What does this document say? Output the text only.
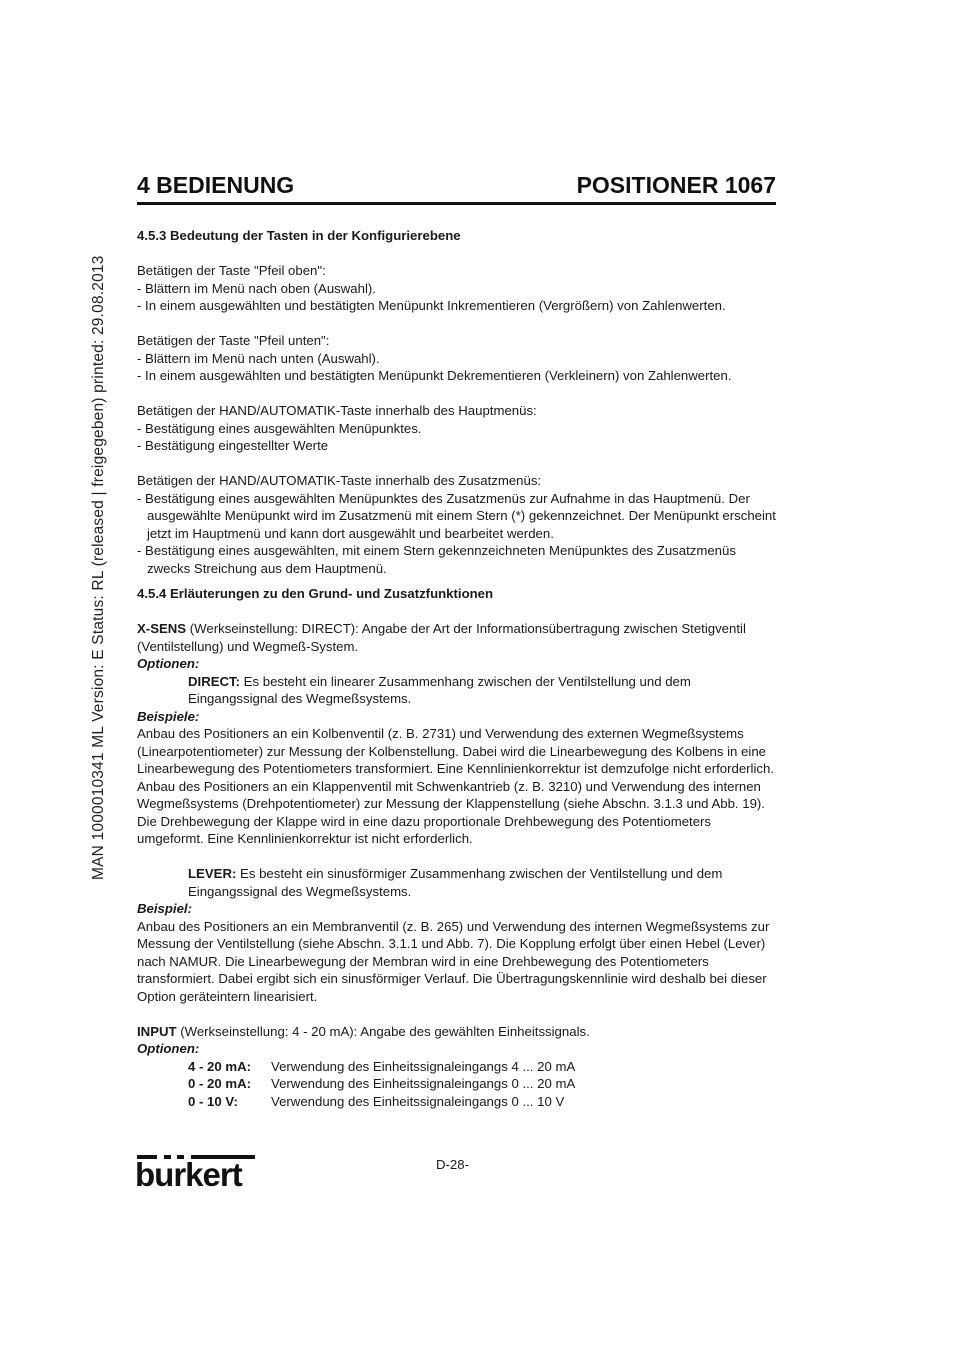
MAN 1000010341 ML Version: E Status: RL (released | freigegeben) printed: 29.08.2013
4 BEDIENUNG	POSITIONER 1067

4.5.3 Bedeutung der Tasten in der Konfigurierebene

Betätigen der Taste "Pfeil oben":

- Blättern im Menü nach oben (Auswahl).

- In einem ausgewählten und bestätigten Menüpunkt Inkrementieren (Vergrößern) von Zahlenwerten.

Betätigen der Taste "Pfeil unten":

- Blättern im Menü nach unten (Auswahl).

- In einem ausgewählten und bestätigten Menüpunkt Dekrementieren (Verkleinern) von Zahlenwerten.

Betätigen der HAND/AUTOMATIK-Taste innerhalb des Hauptmenüs:

- Bestätigung eines ausgewählten Menüpunktes.

- Bestätigung eingestellter Werte

Betätigen der HAND/AUTOMATIK-Taste innerhalb des Zusatzmenüs:

- Bestätigung eines ausgewählten Menüpunktes des Zusatzmenüs zur Aufnahme in das Hauptmenü. Der ausgewählte Menüpunkt wird im Zusatzmenü mit einem Stern (*) gekennzeichnet. Der Menüpunkt erscheint jetzt im Hauptmenü und kann dort ausgewählt und bearbeitet werden.

- Bestätigung eines ausgewählten, mit einem Stern gekennzeichneten Menüpunktes des Zusatzmenüs zwecks Streichung aus dem Hauptmenü.

4.5.4 Erläuterungen zu den Grund- und Zusatzfunktionen

X-SENS (Werkseinstellung: DIRECT): Angabe der Art der Informationsübertragung zwischen Stetigventil (Ventilstellung) und Wegmeß-System.

Optionen:

DIRECT: Es besteht ein linearer Zusammenhang zwischen der Ventilstellung und dem Eingangssignal des Wegmeßsystems.

Beispiele:

Anbau des Positioners an ein Kolbenventil (z. B. 2731) und Verwendung des externen Wegmeßsystems (Linearpotentiometer) zur Messung der Kolbenstellung. Dabei wird die Linearbewegung des Kolbens in eine Linearbewegung des Potentiometers transformiert. Eine Kennlinienkorrektur ist demzufolge nicht erforderlich.

Anbau des Positioners an ein Klappenventil mit Schwenkantrieb (z. B. 3210) und Verwendung des internen Wegmeßsystems (Drehpotentiometer) zur Messung der Klappenstellung (siehe Abschn. 3.1.3 und Abb. 19). Die Drehbewegung der Klappe wird in eine dazu proportionale Drehbewegung des Potentiometers umgeformt. Eine Kennlinienkorrektur ist nicht erforderlich.

LEVER: Es besteht ein sinusförmiger Zusammenhang zwischen der Ventilstellung und dem Eingangssignal des Wegmeßsystems.

Beispiel:

Anbau des Positioners an ein Membranventil (z. B. 265) und Verwendung des internen Wegmeßsystems zur Messung der Ventilstellung (siehe Abschn. 3.1.1 und Abb. 7). Die Kopplung erfolgt über einen Hebel (Lever) nach NAMUR. Die Linearbewegung der Membran wird in eine Drehbewegung des Potentiometers transformiert. Dabei ergibt sich ein sinusförmiger Verlauf. Die Übertragungskennlinie wird deshalb bei dieser Option geräteintern linearisiert.

INPUT (Werkseinstellung: 4 - 20 mA): Angabe des gewählten Einheitssignals.

Optionen:

4 - 20 mA:	Verwendung des Einheitssignaleingangs 4 ... 20 mA
0 - 20 mA:	Verwendung des Einheitssignaleingangs 0 ... 20 mA
0 - 10 V:	Verwendung des Einheitssignaleingangs 0 ... 10 V
burkert	D-28-
